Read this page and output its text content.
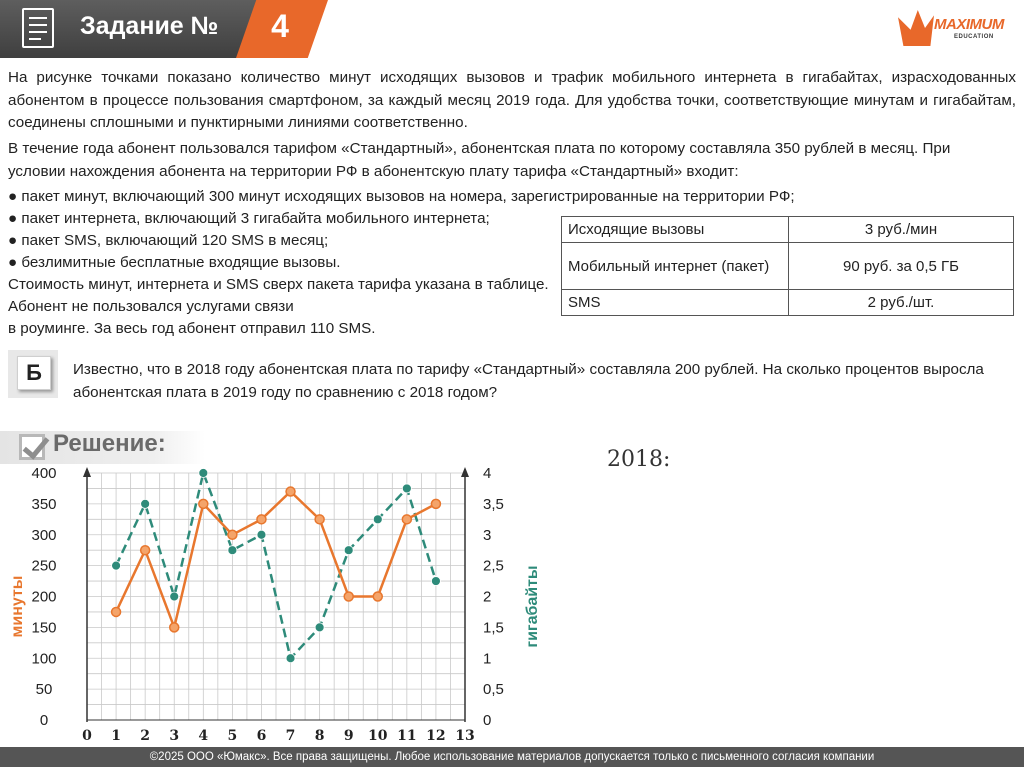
Задание №	4	MAXIMUM
EDUCATION
На рисунке точками показано количество минут исходящих вызовов и трафик мобильного интернета в гигабайтах, израсходованных абонентом в процессе пользования смартфоном, за каждый месяц 2019 года. Для удобства точки, соответствующие минутам и гигабайтам, соединены сплошными и пунктирными линиями соответственно.
В течение года абонент пользовался тарифом «Стандартный», абонентская плата по которому составляла 350 рублей в месяц. При условии нахождения абонента на территории РФ в абонентскую плату тарифа «Стандартный» входит:
● пакет минут, включающий 300 минут исходящих вызовов на номера, зарегистрированные на территории РФ;
● пакет интернета, включающий 3 гигабайта мобильного интернета;
● пакет SMS, включающий 120 SMS в месяц;
● безлимитные бесплатные входящие вызовы.
Стоимость минут, интернета и SMS сверх пакета тарифа указана в таблице.
Абонент не пользовался услугами связи
в роуминге. За весь год абонент отправил 110 SMS.
Исходящие вызовы	3 руб./мин
Мобильный интернет (пакет)	90 руб. за 0,5 ГБ
SMS	2 руб./шт.
Б	Известно, что в 2018 году абонентская плата по тарифу «Стандартный» составляла 200 рублей. На сколько процентов выросла абонентская плата в 2019 году по сравнению с 2018 годом?
Решение:
2018:
0 1 2 3 4 5 6 7 8 9 10 11 12 13
0
50
100
150
200
250
300
350
400
0
0,5
1
1,5
2
2,5
3
3,5
4
минуты	гигабайты
©2025 ООО «Юмакс». Все права защищены. Любое использование материалов допускается только с письменного согласия компании
